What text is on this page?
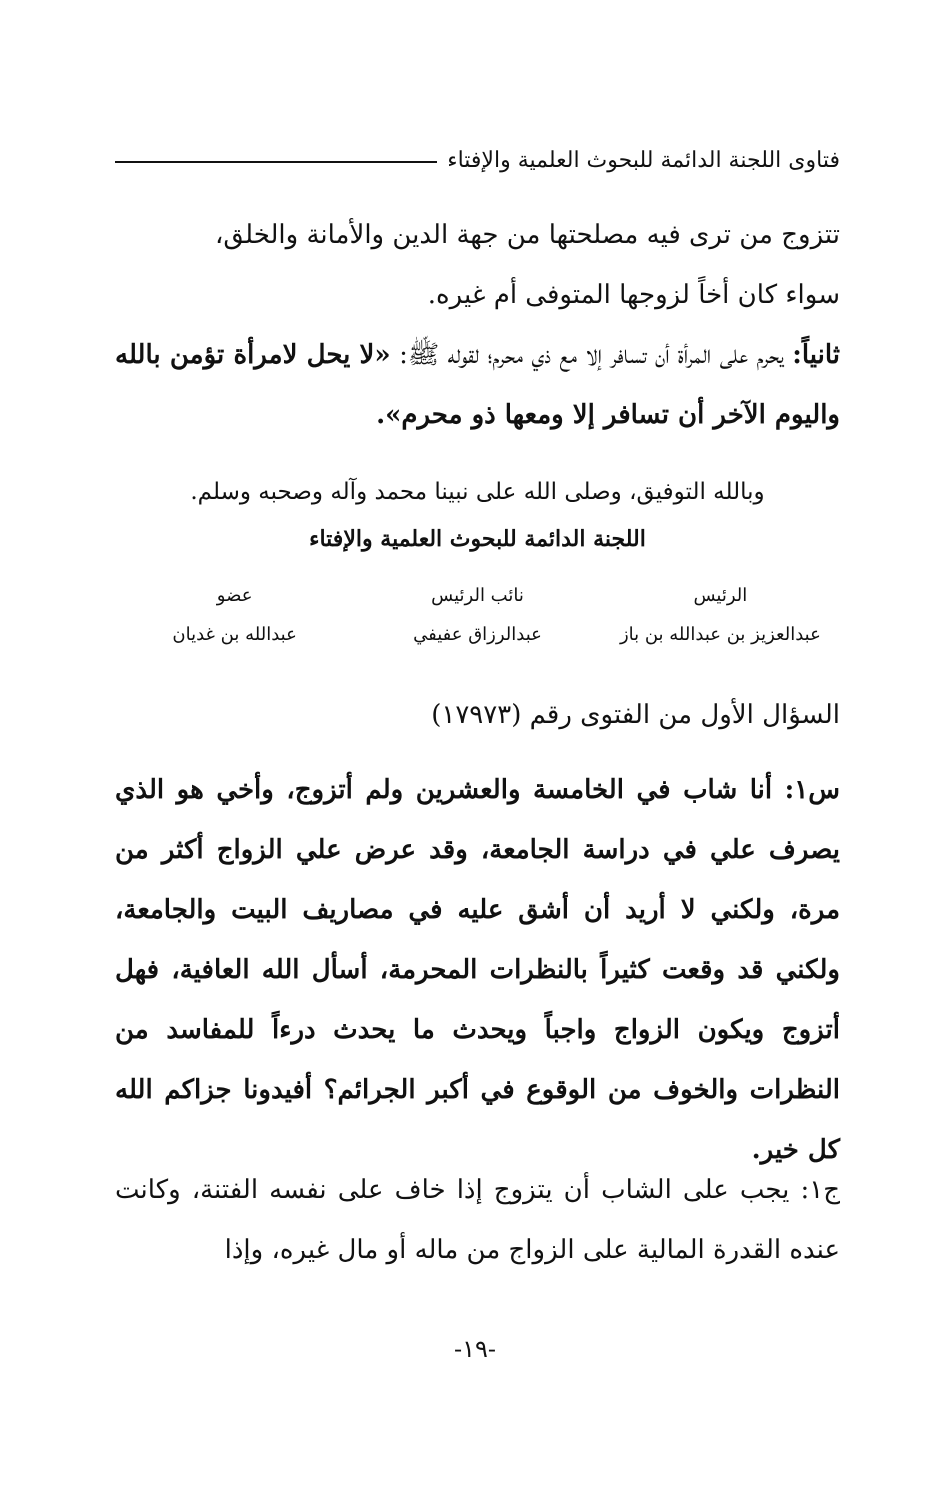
فتاوى اللجنة الدائمة للبحوث العلمية والإفتاء
تتزوج من ترى فيه مصلحتها من جهة الدين والأمانة والخلق،
سواء كان أخاً لزوجها المتوفى أم غيره.
ثانياً: يحرم على المرأة أن تسافر إلا مع ذي محرم؛ لقوله ﷺ: «لا يحل لامرأة تؤمن بالله واليوم الآخر أن تسافر إلا ومعها ذو محرم».
وبالله التوفيق، وصلى الله على نبينا محمد وآله وصحبه وسلم.
اللجنة الدائمة للبحوث العلمية والإفتاء
الرئيس
نائب الرئيس
عضو
عبدالعزيز بن عبدالله بن باز
عبدالرزاق عفيفي
عبدالله بن غديان
السؤال الأول من الفتوى رقم (١٧٩٧٣)
س١: أنا شاب في الخامسة والعشرين ولم أتزوج، وأخي هو الذي يصرف علي في دراسة الجامعة، وقد عرض علي الزواج أكثر من مرة، ولكني لا أريد أن أشق عليه في مصاريف البيت والجامعة، ولكني قد وقعت كثيراً بالنظرات المحرمة، أسأل الله العافية، فهل أتزوج ويكون الزواج واجباً ويحدث ما يحدث درءاً للمفاسد من النظرات والخوف من الوقوع في أكبر الجرائم؟ أفيدونا جزاكم الله كل خير.
ج١: يجب على الشاب أن يتزوج إذا خاف على نفسه الفتنة، وكانت عنده القدرة المالية على الزواج من ماله أو مال غيره، وإذا
-١٩-
